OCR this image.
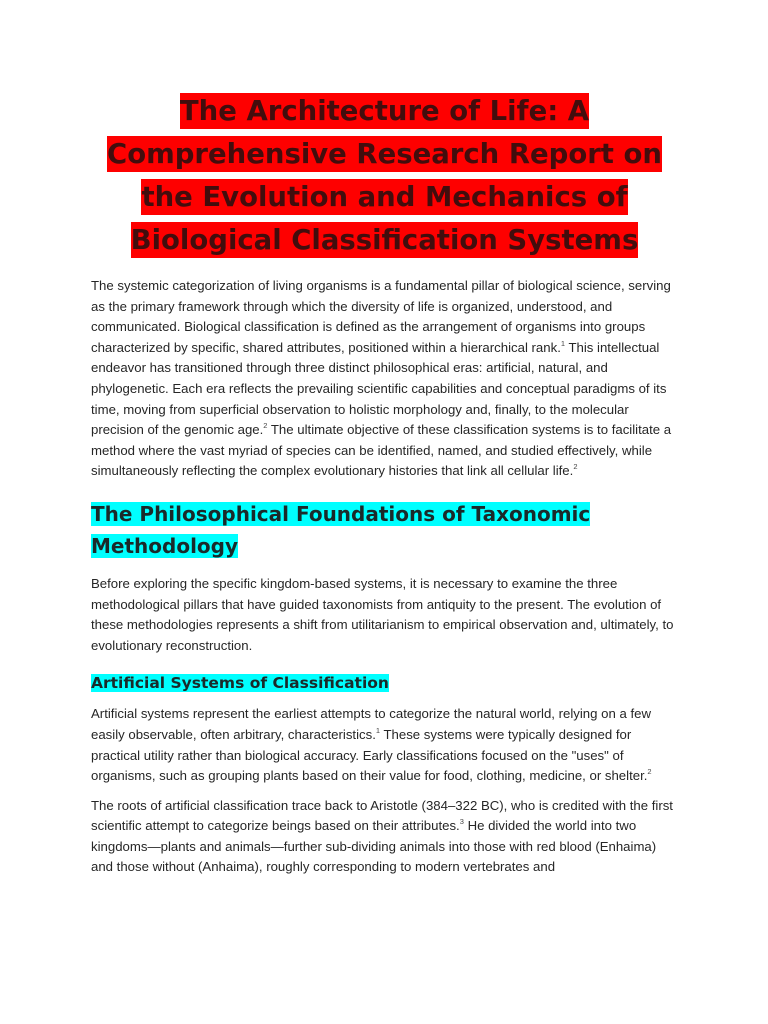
The Architecture of Life: A Comprehensive Research Report on the Evolution and Mechanics of Biological Classification Systems

The systemic categorization of living organisms is a fundamental pillar of biological science, serving as the primary framework through which the diversity of life is organized, understood, and communicated. Biological classification is defined as the arrangement of organisms into groups characterized by specific, shared attributes, positioned within a hierarchical rank.$^1$ This intellectual endeavor has transitioned through three distinct philosophical eras: artificial, natural, and phylogenetic. Each era reflects the prevailing scientific capabilities and conceptual paradigms of its time, moving from superficial observation to holistic morphology and, finally, to the molecular precision of the genomic age.$^2$ The ultimate objective of these classification systems is to facilitate a method where the vast myriad of species can be identified, named, and studied effectively, while simultaneously reflecting the complex evolutionary histories that link all cellular life.$^2$

The Philosophical Foundations of Taxonomic Methodology

Before exploring the specific kingdom-based systems, it is necessary to examine the three methodological pillars that have guided taxonomists from antiquity to the present. The evolution of these methodologies represents a shift from utilitarianism to empirical observation and, ultimately, to evolutionary reconstruction.

Artificial Systems of Classification

Artificial systems represent the earliest attempts to categorize the natural world, relying on a few easily observable, often arbitrary, characteristics.$^1$ These systems were typically designed for practical utility rather than biological accuracy. Early classifications focused on the "uses" of organisms, such as grouping plants based on their value for food, clothing, medicine, or shelter.$^2$

The roots of artificial classification trace back to Aristotle (384–322 BC), who is credited with the first scientific attempt to categorize beings based on their attributes.$^3$ He divided the world into two kingdoms—plants and animals—further sub-dividing animals into those with red blood (Enhaima) and those without (Anhaima), roughly corresponding to modern vertebrates and
